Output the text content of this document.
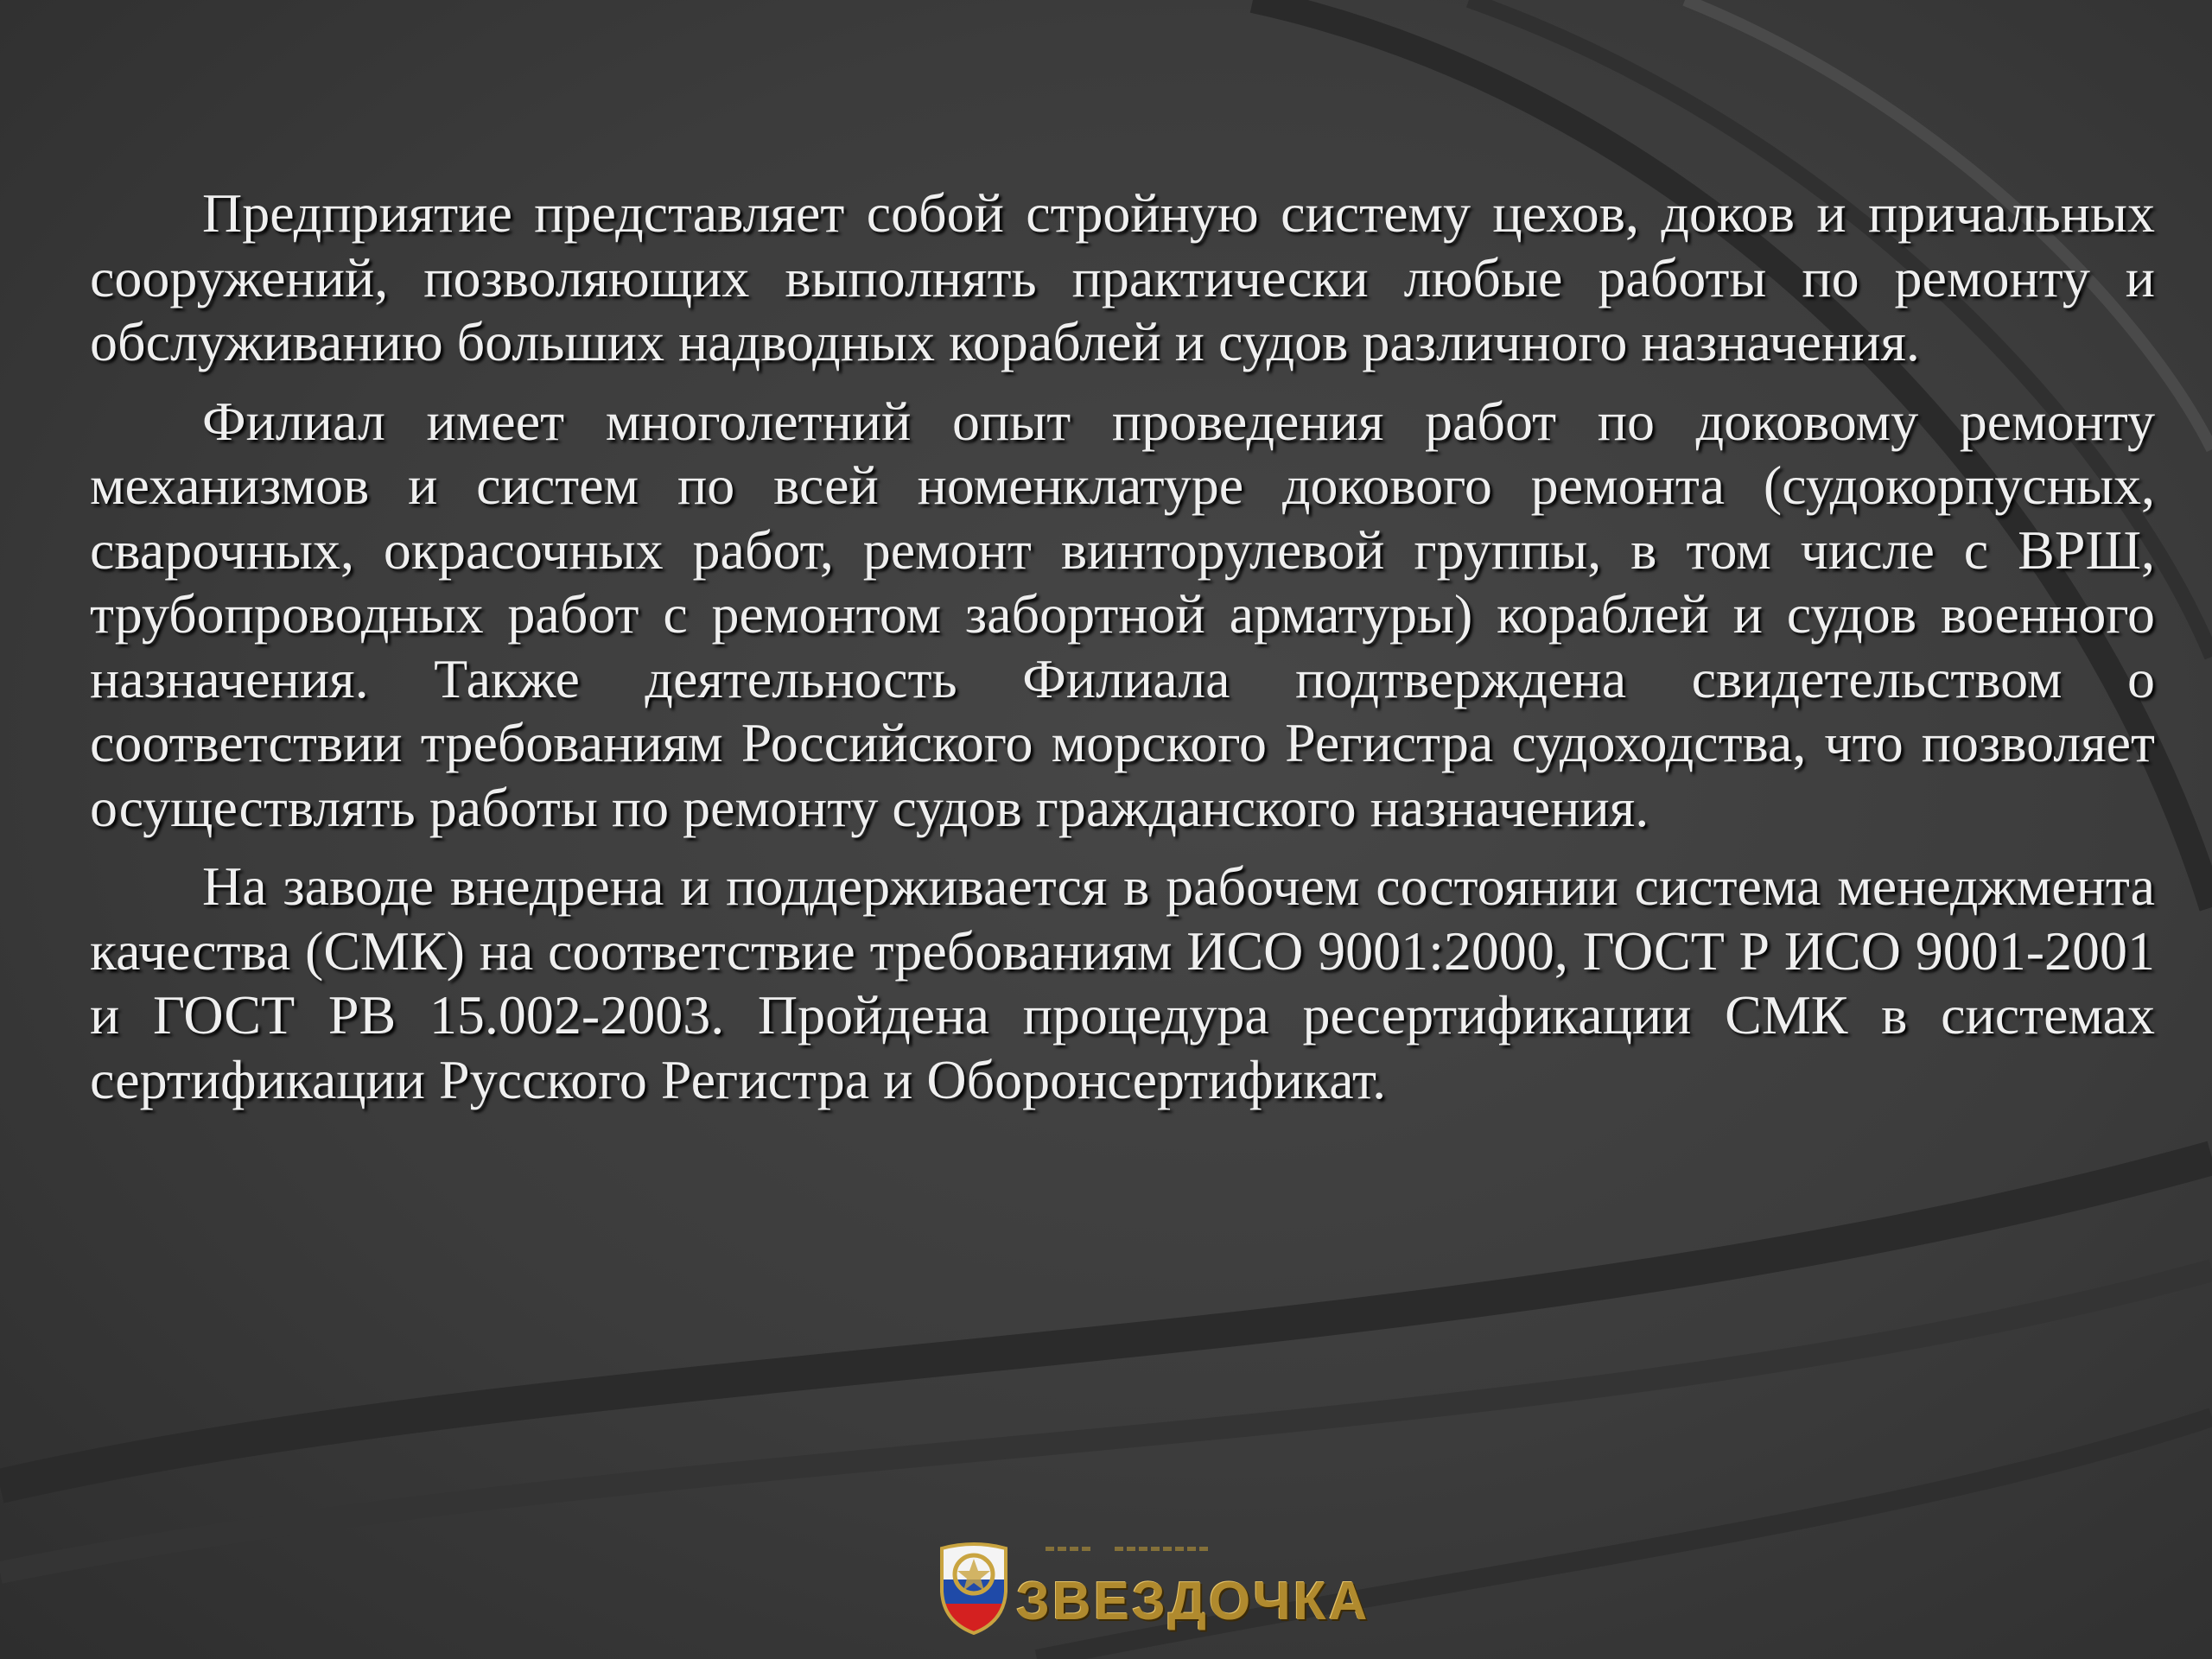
Предприятие представляет собой стройную систему цехов, доков и причальных сооружений, позволяющих выполнять практически любые работы по ремонту и обслуживанию больших надводных кораблей и судов различного назначения.

Филиал имеет многолетний опыт проведения работ по доковому ремонту механизмов и систем по всей номенклатуре докового ремонта (судокорпусных, сварочных, окрасочных работ, ремонт винторулевой группы, в том числе с ВРШ, трубопроводных работ с ремонтом забортной арматуры) кораблей и судов военного назначения. Также деятельность Филиала подтверждена свидетельством о соответствии требованиям Российского морского Регистра судоходства, что позволяет осуществлять работы по ремонту судов гражданского назначения.

На заводе внедрена и поддерживается в рабочем состоянии система менеджмента качества (СМК) на соответствие требованиям ИСО 9001:2000, ГОСТ Р ИСО 9001-2001 и ГОСТ РВ 15.002-2003. Пройдена процедура ресертификации СМК в системах сертификации Русского Регистра и Оборонсертификат.

ЗВЕЗДОЧКА
